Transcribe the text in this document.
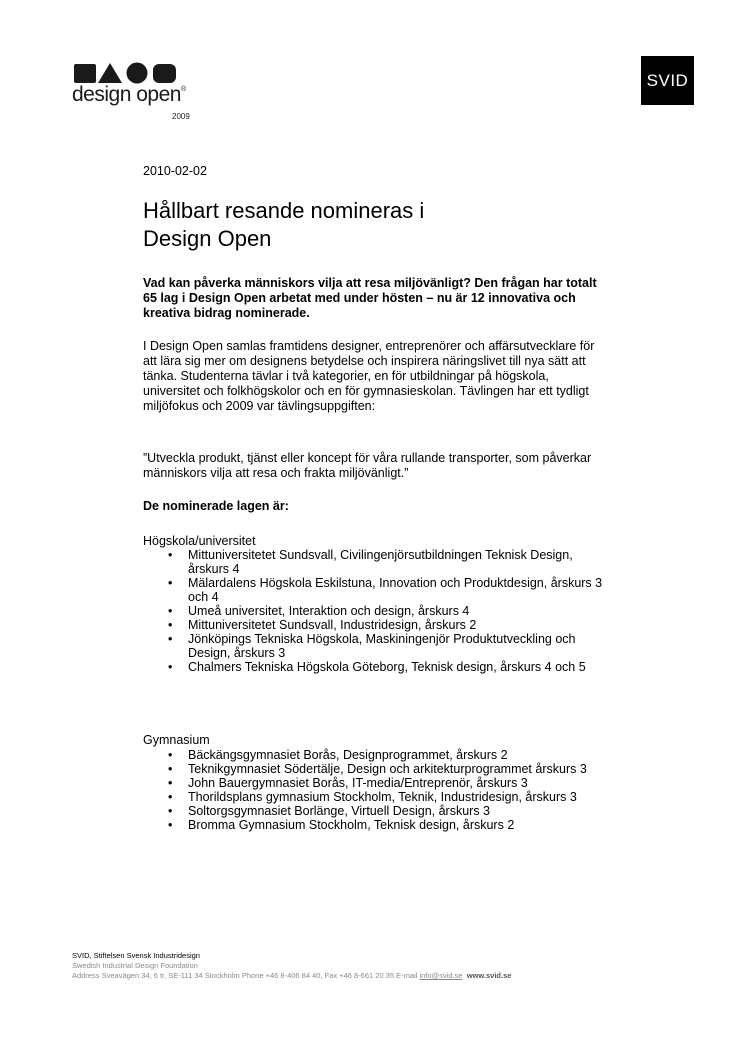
design open®
2009
SVID
2010-02-02
Hållbart resande nomineras i
Design Open

Vad kan påverka människors vilja att resa miljövänligt? Den frågan har totalt 65 lag i Design Open arbetat med under hösten – nu är 12 innovativa och kreativa bidrag nominerade.

I Design Open samlas framtidens designer, entreprenörer och affärsutvecklare för att lära sig mer om designens betydelse och inspirera näringslivet till nya sätt att tänka. Studenterna tävlar i två kategorier, en för utbildningar på högskola, universitet och folkhögskolor och en för gymnasieskolan. Tävlingen har ett tydligt miljöfokus och 2009 var tävlingsuppgiften:

”Utveckla produkt, tjänst eller koncept för våra rullande transporter, som påverkar människors vilja att resa och frakta miljövänligt.”

De nominerade lagen är:

Högskola/universitet

• Mittuniversitetet Sundsvall, Civilingenjörsutbildningen Teknisk Design, årskurs 4
• Mälardalens Högskola Eskilstuna, Innovation och Produktdesign, årskurs 3 och 4
• Umeå universitet, Interaktion och design, årskurs 4
• Mittuniversitetet Sundsvall, Industridesign, årskurs 2
• Jönköpings Tekniska Högskola, Maskiningenjör Produktutveckling och Design, årskurs 3
• Chalmers Tekniska Högskola Göteborg, Teknisk design, årskurs 4 och 5

Gymnasium

• Bäckängsgymnasiet Borås, Designprogrammet, årskurs 2
• Teknikgymnasiet Södertälje, Design och arkitekturprogrammet årskurs 3
• John Bauergymnasiet Borås, IT-media/Entreprenör, årskurs 3
• Thorildsplans gymnasium Stockholm, Teknik, Industridesign, årskurs 3
• Soltorgsgymnasiet Borlänge, Virtuell Design, årskurs 3
• Bromma Gymnasium Stockholm, Teknisk design, årskurs 2
SVID, Stiftelsen Svensk Industridesign
Swedish Industrial Design Foundation
Address Sveavägen 34, 6 tr, SE-111 34 Stockholm Phone +46 8-406 84 40, Fax +46 8-661 20 35 E-mail info@svid.se www.svid.se
